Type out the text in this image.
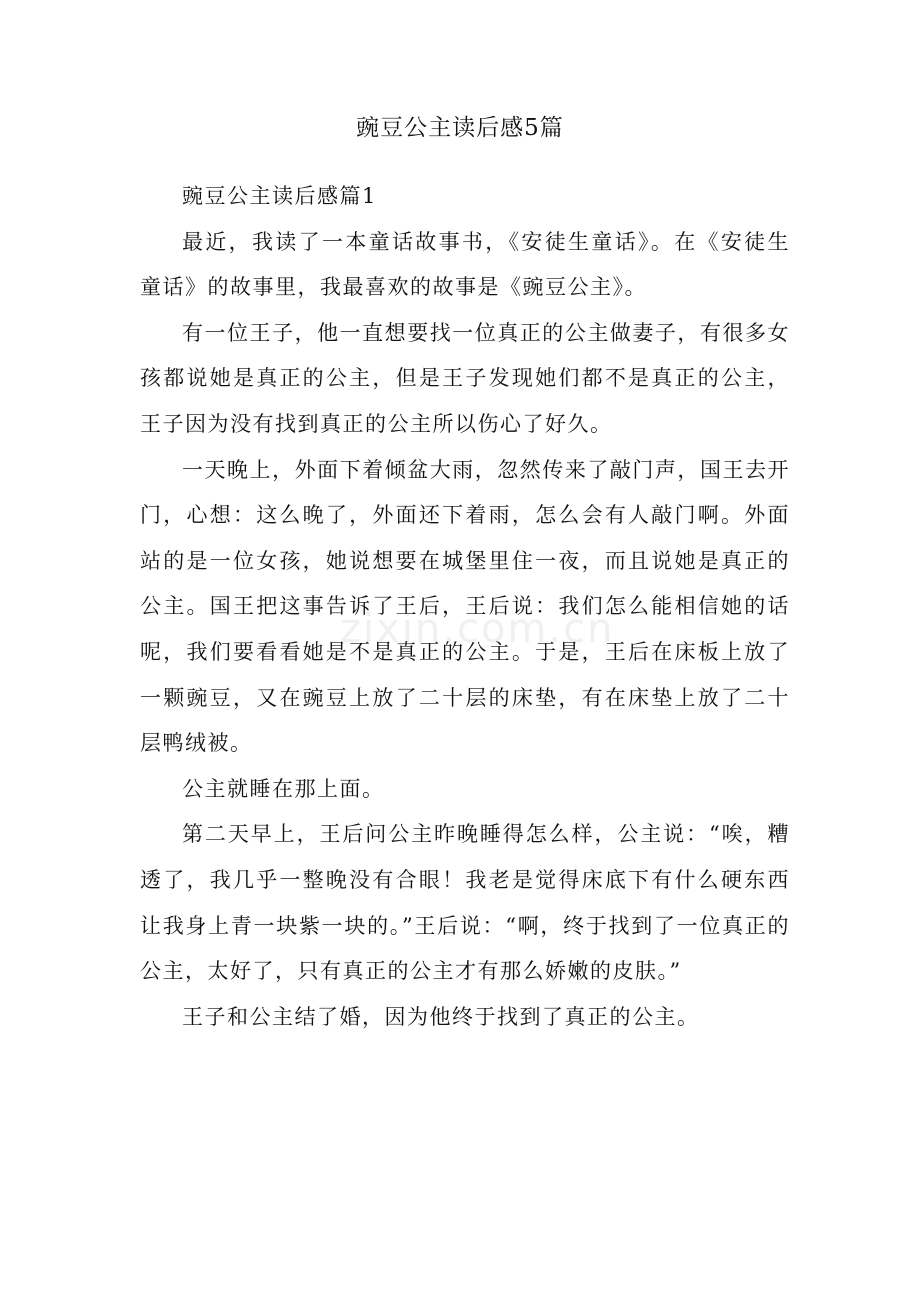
豌豆公主读后感5篇

豌豆公主读后感篇1

最近，我读了一本童话故事书，《安徒生童话》。在《安徒生童话》的故事里，我最喜欢的故事是《豌豆公主》。

有一位王子，他一直想要找一位真正的公主做妻子，有很多女孩都说她是真正的公主，但是王子发现她们都不是真正的公主，王子因为没有找到真正的公主所以伤心了好久。

一天晚上，外面下着倾盆大雨，忽然传来了敲门声，国王去开门，心想：这么晚了，外面还下着雨，怎么会有人敲门啊。外面站的是一位女孩，她说想要在城堡里住一夜，而且说她是真正的公主。国王把这事告诉了王后，王后说：我们怎么能相信她的话呢，我们要看看她是不是真正的公主。于是，王后在床板上放了一颗豌豆，又在豌豆上放了二十层的床垫，有在床垫上放了二十层鸭绒被。

公主就睡在那上面。

第二天早上，王后问公主昨晚睡得怎么样，公主说：“唉，糟透了，我几乎一整晚没有合眼！我老是觉得床底下有什么硬东西让我身上青一块紫一块的。”王后说：“啊，终于找到了一位真正的公主，太好了，只有真正的公主才有那么娇嫩的皮肤。”

王子和公主结了婚，因为他终于找到了真正的公主。

zixin.com.cn
